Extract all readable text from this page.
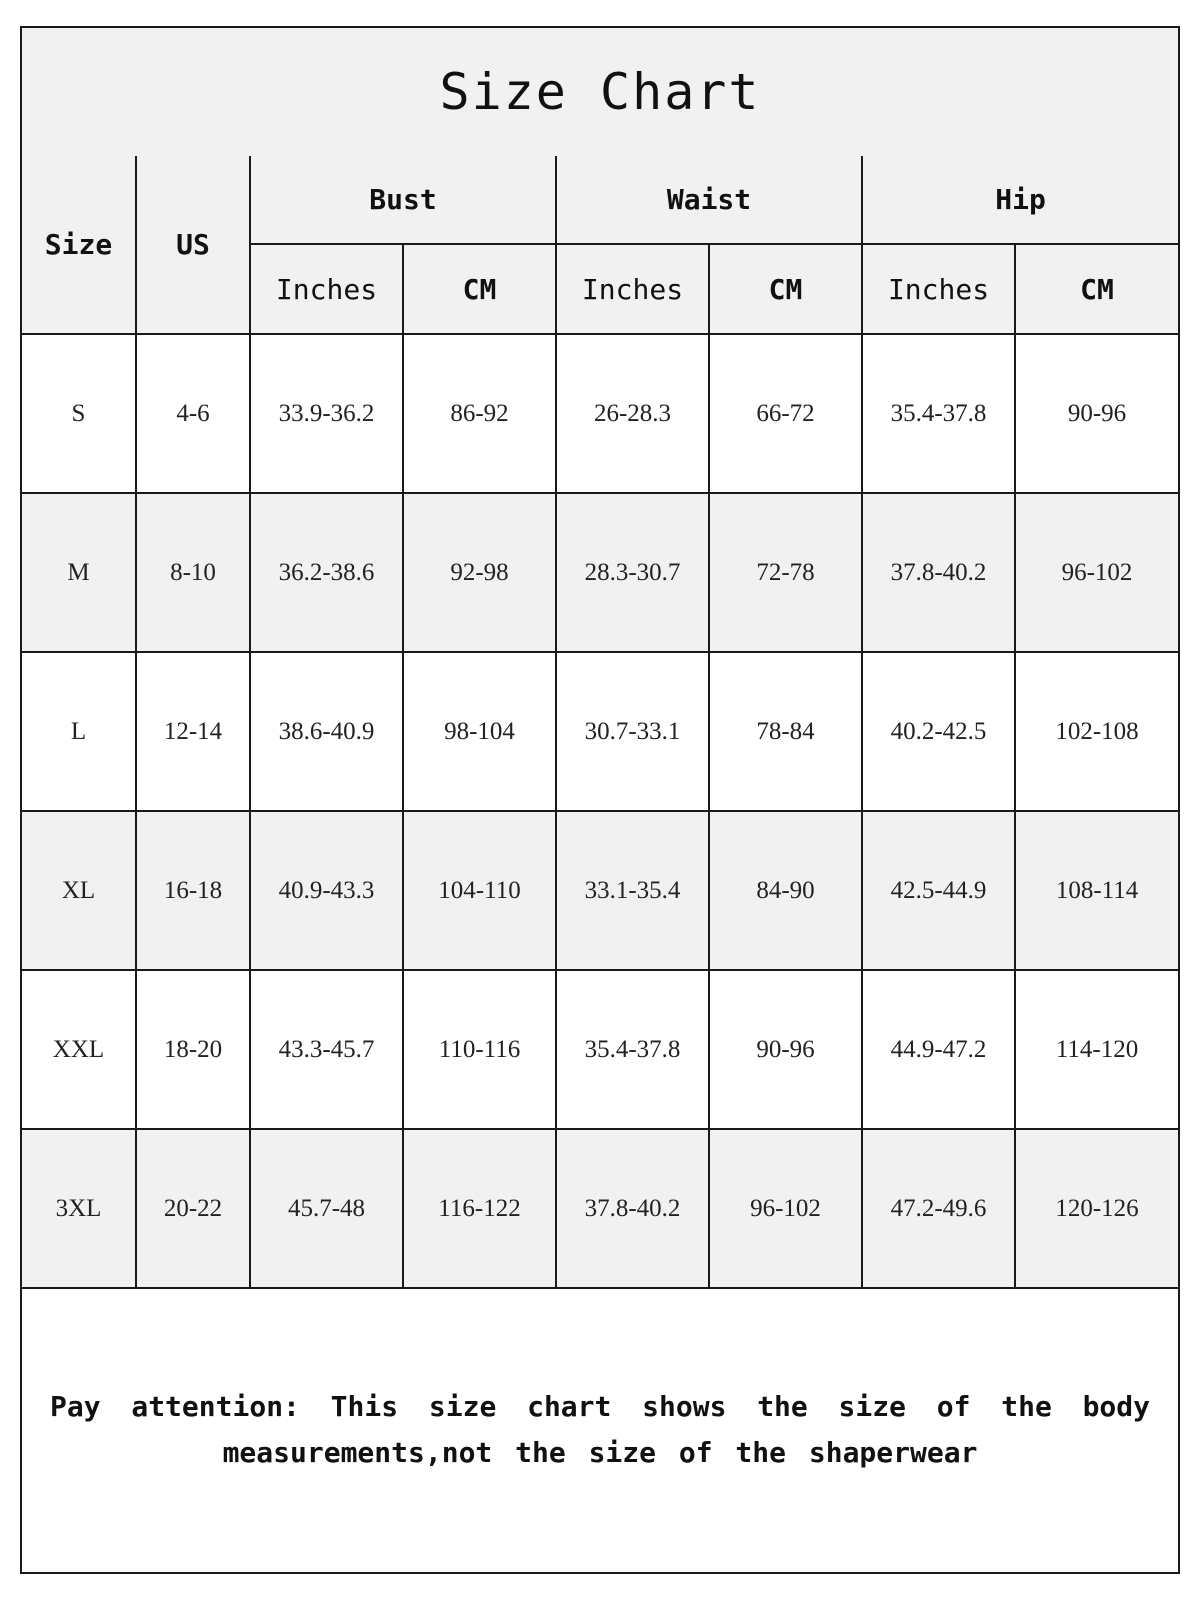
Size Chart
Size	US	Bust		Waist		Hip	
		Inches	CM	Inches	CM	Inches	CM
S	4-6	33.9-36.2	86-92	26-28.3	66-72	35.4-37.8	90-96
M	8-10	36.2-38.6	92-98	28.3-30.7	72-78	37.8-40.2	96-102
L	12-14	38.6-40.9	98-104	30.7-33.1	78-84	40.2-42.5	102-108
XL	16-18	40.9-43.3	104-110	33.1-35.4	84-90	42.5-44.9	108-114
XXL	18-20	43.3-45.7	110-116	35.4-37.8	90-96	44.9-47.2	114-120
3XL	20-22	45.7-48	116-122	37.8-40.2	96-102	47.2-49.6	120-126

Pay attention: This size chart shows the size of the body measurements,not the size of the shaperwear
